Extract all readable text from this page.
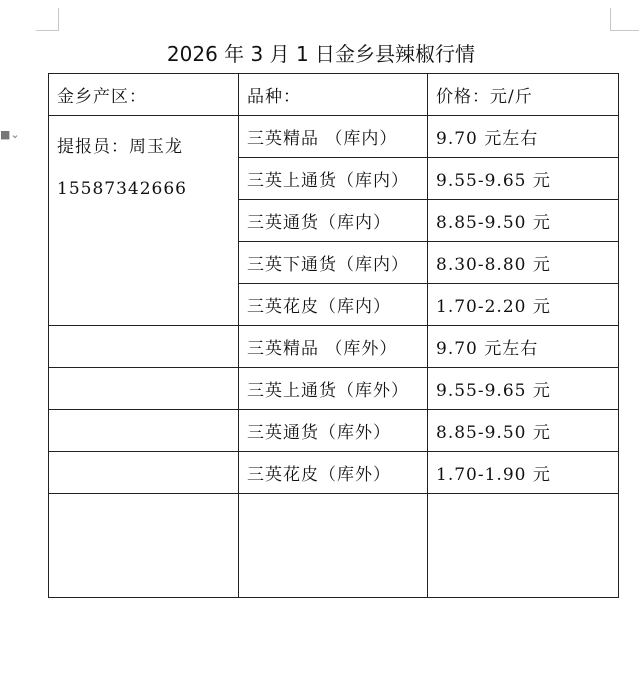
■⌄
2026 年 3 月 1 日金乡县辣椒行情
金乡产区：	品种：	价格：元/斤

提报员：周玉龙
15587342666	三英精品 （库内）	9.70 元左右
	三英上通货（库内）	9.55-9.65 元
	三英通货（库内）	8.85-9.50 元
	三英下通货（库内）	8.30-8.80 元
	三英花皮（库内）	1.70-2.20 元
	三英精品 （库外）	9.70 元左右
	三英上通货（库外）	9.55-9.65 元
	三英通货（库外）	8.85-9.50 元
	三英花皮（库外）	1.70-1.90 元
